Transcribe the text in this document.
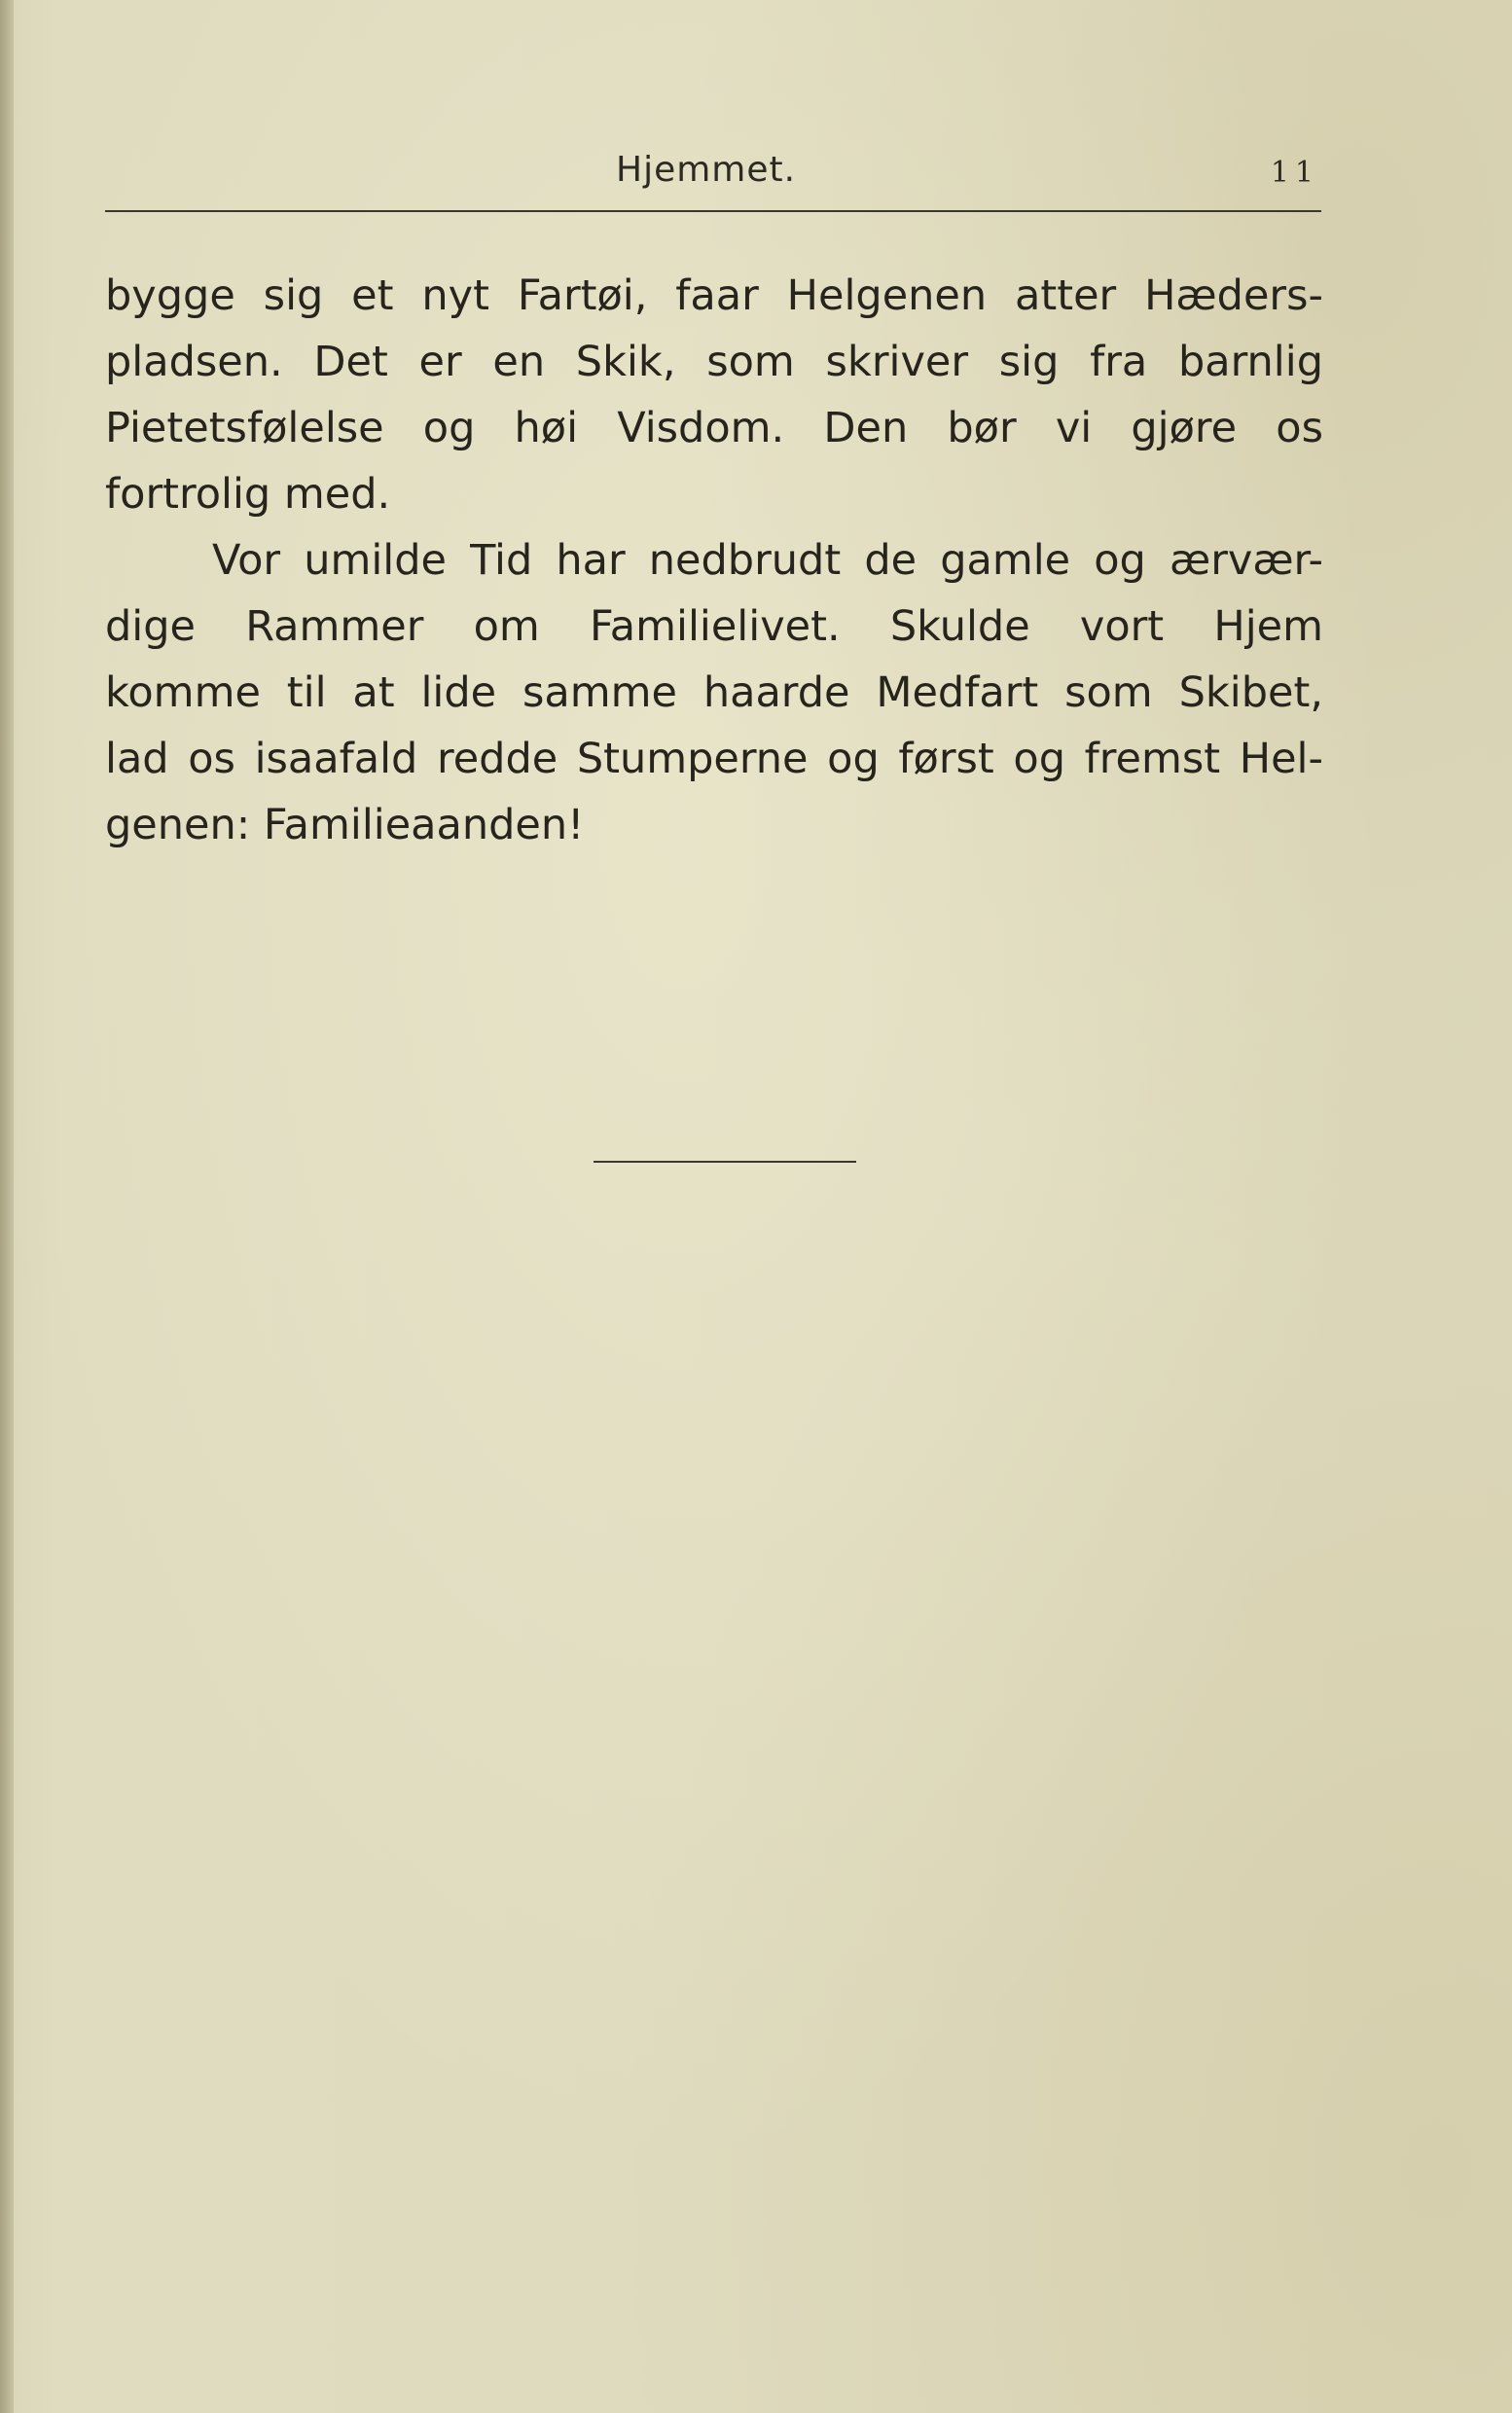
Hjemmet.	11
bygge sig et nyt Fartøi, faar Helgenen atter Hæders-
pladsen. Det er en Skik, som skriver sig fra barnlig
Pietetsfølelse og høi Visdom. Den bør vi gjøre os
fortrolig med.
Vor umilde Tid har nedbrudt de gamle og ærvær-
dige Rammer om Familielivet. Skulde vort Hjem
komme til at lide samme haarde Medfart som Skibet,
lad os isaafald redde Stumperne og først og fremst Hel-
genen: Familieaanden!
